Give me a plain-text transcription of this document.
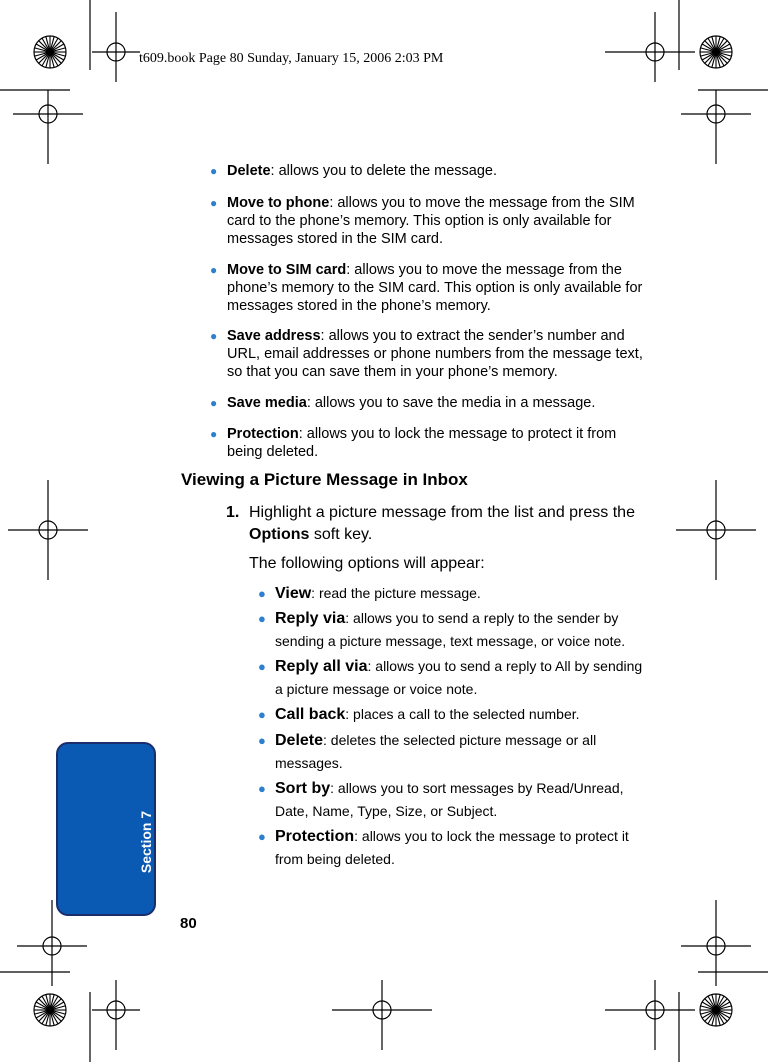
t609.book Page 80 Sunday, January 15, 2006 2:03 PM
● Delete: allows you to delete the message.
● Move to phone: allows you to move the message from the SIM card to the phone’s memory. This option is only available for messages stored in the SIM card.
● Move to SIM card: allows you to move the message from the phone’s memory to the SIM card. This option is only available for messages stored in the phone’s memory.
● Save address: allows you to extract the sender’s number and URL, email addresses or phone numbers from the message text, so that you can save them in your phone’s memory.
● Save media: allows you to save the media in a message.
● Protection: allows you to lock the message to protect it from being deleted.
Viewing a Picture Message in Inbox
1. Highlight a picture message from the list and press the Options soft key.
The following options will appear:
● View: read the picture message.
● Reply via: allows you to send a reply to the sender by sending a picture message, text message, or voice note.
● Reply all via: allows you to send a reply to All by sending a picture message or voice note.
● Call back: places a call to the selected number.
● Delete: deletes the selected picture message or all messages.
● Sort by: allows you to sort messages by Read/Unread, Date, Name, Type, Size, or Subject.
● Protection: allows you to lock the message to protect it from being deleted.
Section 7
80
